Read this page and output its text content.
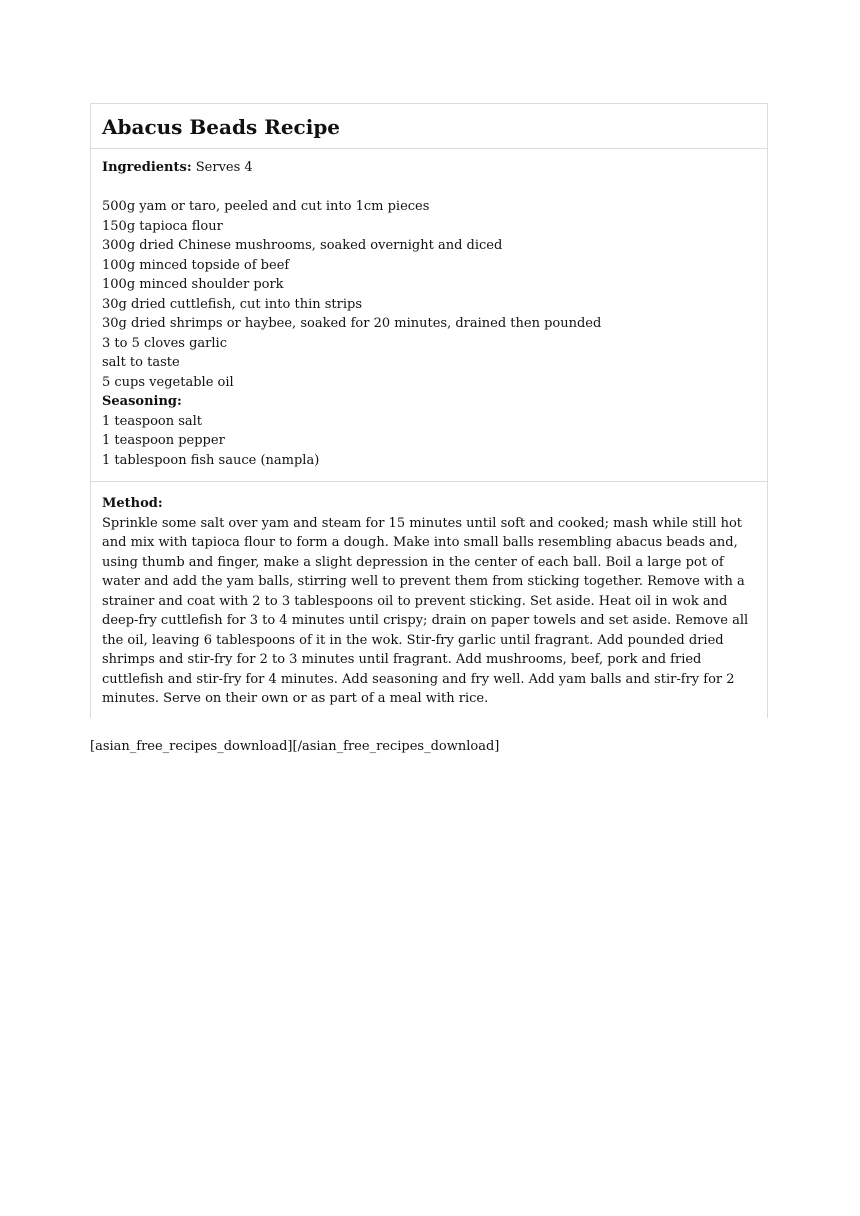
Abacus Beads Recipe
Ingredients: Serves 4
500g yam or taro, peeled and cut into 1cm pieces
150g tapioca flour
300g dried Chinese mushrooms, soaked overnight and diced
100g minced topside of beef
100g minced shoulder pork
30g dried cuttlefish, cut into thin strips
30g dried shrimps or haybee, soaked for 20 minutes, drained then pounded
3 to 5 cloves garlic
salt to taste
5 cups vegetable oil
Seasoning:
1 teaspoon salt
1 teaspoon pepper
1 tablespoon fish sauce (nampla)
Method:
Sprinkle some salt over yam and steam for 15 minutes until soft and cooked; mash while still hot and mix with tapioca flour to form a dough. Make into small balls resembling abacus beads and, using thumb and finger, make a slight depression in the center of each ball. Boil a large pot of water and add the yam balls, stirring well to prevent them from sticking together. Remove with a strainer and coat with 2 to 3 tablespoons oil to prevent sticking. Set aside. Heat oil in wok and deep-fry cuttlefish for 3 to 4 minutes until crispy; drain on paper towels and set aside. Remove all the oil, leaving 6 tablespoons of it in the wok. Stir-fry garlic until fragrant. Add pounded dried shrimps and stir-fry for 2 to 3 minutes until fragrant. Add mushrooms, beef, pork and fried cuttlefish and stir-fry for 4 minutes. Add seasoning and fry well. Add yam balls and stir-fry for 2 minutes. Serve on their own or as part of a meal with rice.
[asian_free_recipes_download][/asian_free_recipes_download]
